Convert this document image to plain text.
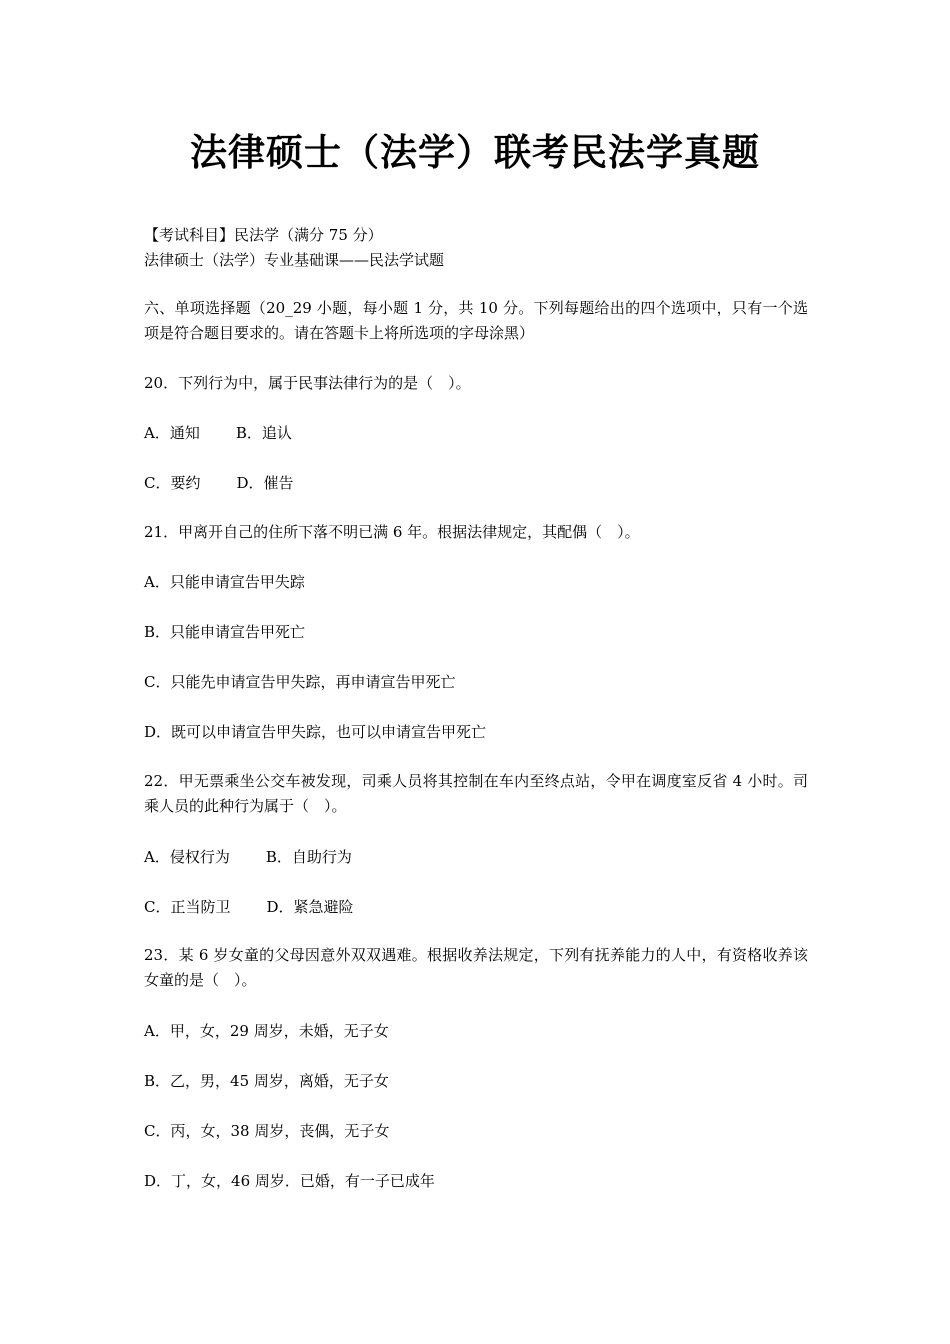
法律硕士（法学）联考民法学真题

【考试科目】民法学（满分 75 分）

法律硕士（法学）专业基础课——民法学试题

六、单项选择题（20_29 小题，每小题 1 分，共 10 分。下列每题给出的四个选项中，只有一个选项是符合题目要求的。请在答题卡上将所选项的字母涂黑）

20．下列行为中，属于民事法律行为的是（　）。

A．通知 B．追认

C．要约 D．催告

21．甲离开自己的住所下落不明已满 6 年。根据法律规定，其配偶（　）。

A．只能申请宣告甲失踪

B．只能申请宣告甲死亡

C．只能先申请宣告甲失踪，再申请宣告甲死亡

D．既可以申请宣告甲失踪，也可以申请宣告甲死亡

22．甲无票乘坐公交车被发现，司乘人员将其控制在车内至终点站，令甲在调度室反省 4 小时。司乘人员的此种行为属于（　）。

A．侵权行为 B．自助行为

C．正当防卫 D．紧急避险

23．某 6 岁女童的父母因意外双双遇难。根据收养法规定，下列有抚养能力的人中，有资格收养该女童的是（　）。

A．甲，女，29 周岁，未婚，无子女

B．乙，男，45 周岁，离婚，无子女

C．丙，女，38 周岁，丧偶，无子女

D．丁，女，46 周岁．已婚，有一子已成年
